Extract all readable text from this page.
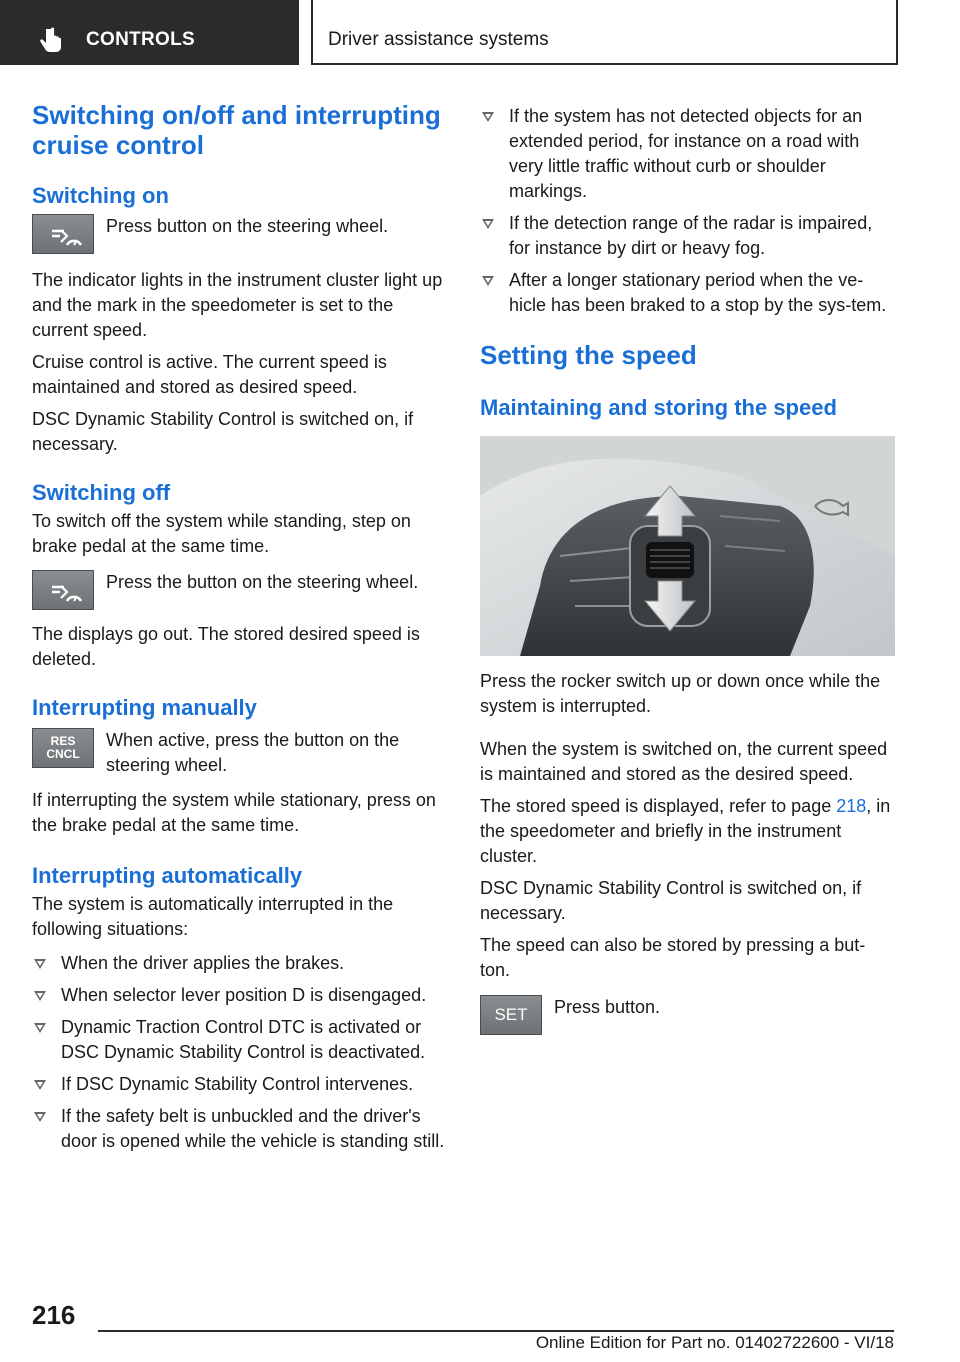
CONTROLS	Driver assistance systems
Switching on/off and interrupting cruise control
Switching on

Press button on the steering wheel.

The indicator lights in the instrument cluster light up and the mark in the speedometer is set to the current speed.

Cruise control is active. The current speed is maintained and stored as desired speed.

DSC Dynamic Stability Control is switched on, if necessary.

Switching off

To switch off the system while standing, step on brake pedal at the same time.

Press the button on the steering wheel.

The displays go out. The stored desired speed is deleted.

Interrupting manually
RES
CNCL

When active, press the button on the steering wheel.

If interrupting the system while stationary, press on the brake pedal at the same time.

Interrupting automatically

The system is automatically interrupted in the following situations:

When the driver applies the brakes.
When selector lever position D is disengaged.
Dynamic Traction Control DTC is activated or DSC Dynamic Stability Control is deactivated.
If DSC Dynamic Stability Control intervenes.
If the safety belt is unbuckled and the driver's door is opened while the vehicle is standing still.
If the system has not detected objects for an extended period, for instance on a road with very little traffic without curb or shoulder markings.
If the detection range of the radar is impaired, for instance by dirt or heavy fog.
After a longer stationary period when the ve-hicle has been braked to a stop by the sys-tem.
Setting the speed
Maintaining and storing the speed

Press the rocker switch up or down once while the system is interrupted.

When the system is switched on, the current speed is maintained and stored as the desired speed.

The stored speed is displayed, refer to page 218, in the speedometer and briefly in the instrument cluster.

DSC Dynamic Stability Control is switched on, if necessary.

The speed can also be stored by pressing a but-ton.

SET	Press button.

216
Online Edition for Part no. 01402722600 - VI/18
